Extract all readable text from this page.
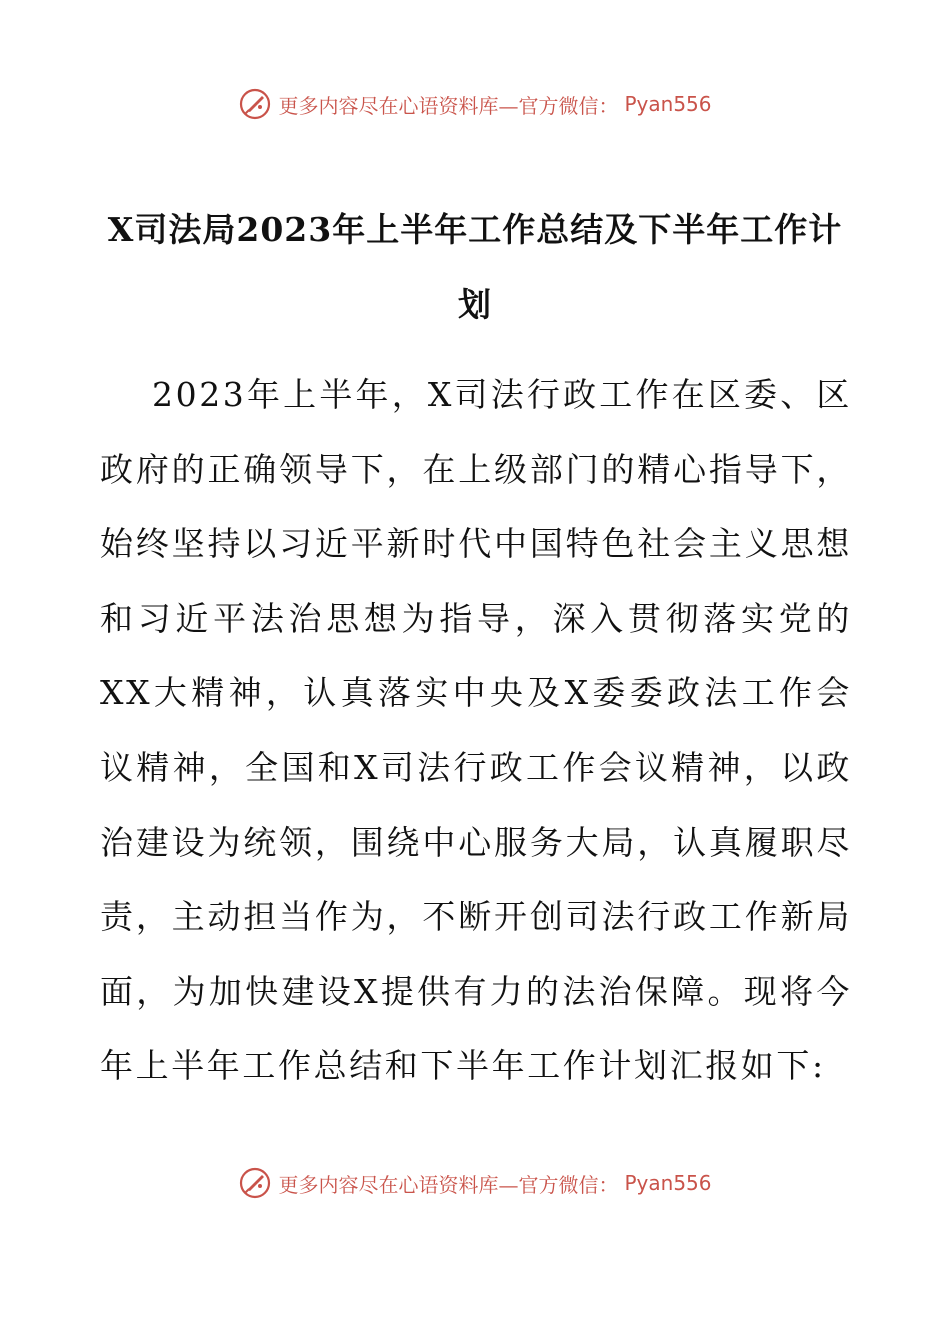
更多内容尽在心语资料库—官方微信： Pyan556
X司法局2023年上半年工作总结及下半年工作计划

2023年上半年，X司法行政工作在区委、区政府的正确领导下，在上级部门的精心指导下，始终坚持以习近平新时代中国特色社会主义思想和习近平法治思想为指导，深入贯彻落实党的XX大精神，认真落实中央及X委委政法工作会议精神，全国和X司法行政工作会议精神，以政治建设为统领，围绕中心服务大局，认真履职尽责，主动担当作为，不断开创司法行政工作新局面，为加快建设X提供有力的法治保障。现将今年上半年工作总结和下半年工作计划汇报如下:

更多内容尽在心语资料库—官方微信： Pyan556
